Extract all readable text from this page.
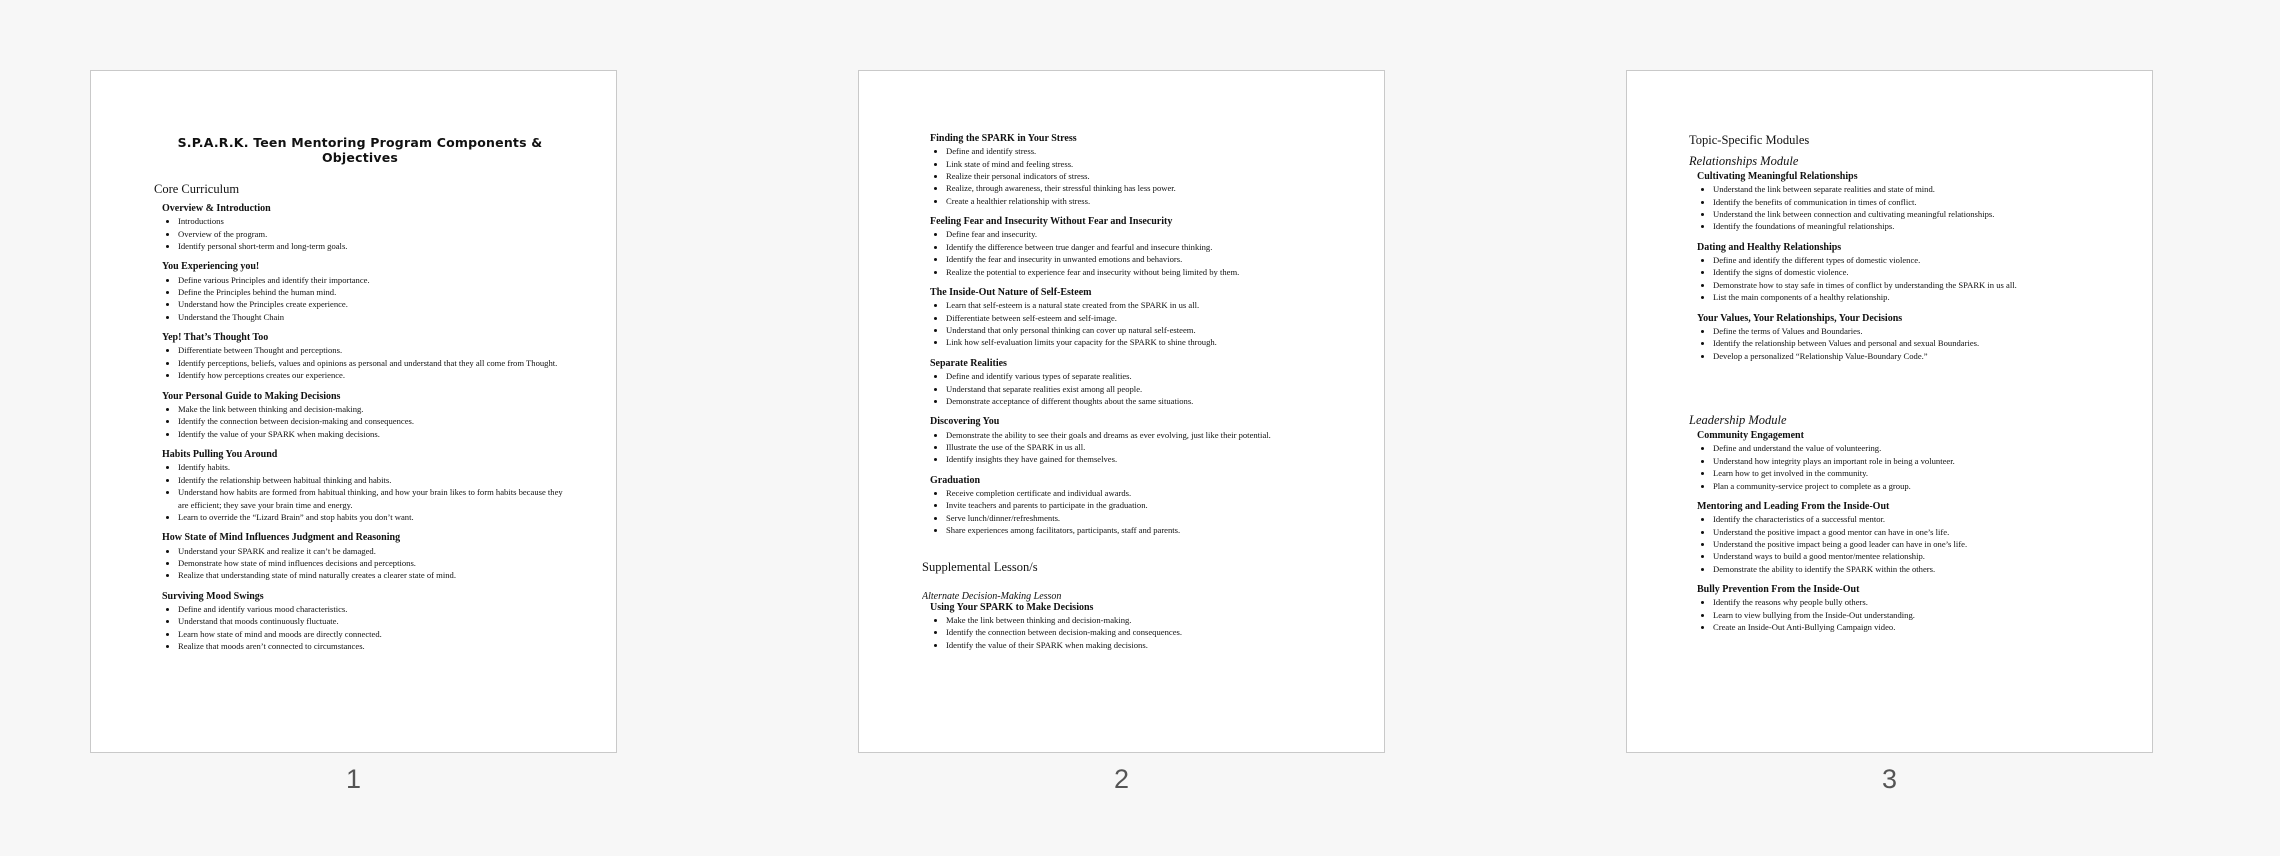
S.P.A.R.K. Teen Mentoring Program Components & Objectives
Core Curriculum
Overview & Introduction
• Introductions
• Overview of the program.
• Identify personal short-term and long-term goals.
You Experiencing you!
• Define various Principles and identify their importance.
• Define the Principles behind the human mind.
• Understand how the Principles create experience.
• Understand the Thought Chain
Yep! That’s Thought Too
• Differentiate between Thought and perceptions.
• Identify perceptions, beliefs, values and opinions as personal and understand that they all come from Thought.
• Identify how perceptions creates our experience.
Your Personal Guide to Making Decisions
• Make the link between thinking and decision-making.
• Identify the connection between decision-making and consequences.
• Identify the value of your SPARK when making decisions.
Habits Pulling You Around
• Identify habits.
• Identify the relationship between habitual thinking and habits.
• Understand how habits are formed from habitual thinking, and how your brain likes to form habits because they are efficient; they save your brain time and energy.
• Learn to override the “Lizard Brain” and stop habits you don’t want.
How State of Mind Influences Judgment and Reasoning
• Understand your SPARK and realize it can’t be damaged.
• Demonstrate how state of mind influences decisions and perceptions.
• Realize that understanding state of mind naturally creates a clearer state of mind.
Surviving Mood Swings
• Define and identify various mood characteristics.
• Understand that moods continuously fluctuate.
• Learn how state of mind and moods are directly connected.
• Realize that moods aren’t connected to circumstances.
1
Finding the SPARK in Your Stress
• Define and identify stress.
• Link state of mind and feeling stress.
• Realize their personal indicators of stress.
• Realize, through awareness, their stressful thinking has less power.
• Create a healthier relationship with stress.
Feeling Fear and Insecurity Without Fear and Insecurity
• Define fear and insecurity.
• Identify the difference between true danger and fearful and insecure thinking.
• Identify the fear and insecurity in unwanted emotions and behaviors.
• Realize the potential to experience fear and insecurity without being limited by them.
The Inside-Out Nature of Self-Esteem
• Learn that self-esteem is a natural state created from the SPARK in us all.
• Differentiate between self-esteem and self-image.
• Understand that only personal thinking can cover up natural self-esteem.
• Link how self-evaluation limits your capacity for the SPARK to shine through.
Separate Realities
• Define and identify various types of separate realities.
• Understand that separate realities exist among all people.
• Demonstrate acceptance of different thoughts about the same situations.
Discovering You
• Demonstrate the ability to see their goals and dreams as ever evolving, just like their potential.
• Illustrate the use of the SPARK in us all.
• Identify insights they have gained for themselves.
Graduation
• Receive completion certificate and individual awards.
• Invite teachers and parents to participate in the graduation.
• Serve lunch/dinner/refreshments.
• Share experiences among facilitators, participants, staff and parents.
Supplemental Lesson/s
Alternate Decision-Making Lesson
Using Your SPARK to Make Decisions
• Make the link between thinking and decision-making.
• Identify the connection between decision-making and consequences.
• Identify the value of their SPARK when making decisions.
2
Topic-Specific Modules
Relationships Module
Cultivating Meaningful Relationships
• Understand the link between separate realities and state of mind.
• Identify the benefits of communication in times of conflict.
• Understand the link between connection and cultivating meaningful relationships.
• Identify the foundations of meaningful relationships.
Dating and Healthy Relationships
• Define and identify the different types of domestic violence.
• Identify the signs of domestic violence.
• Demonstrate how to stay safe in times of conflict by understanding the SPARK in us all.
• List the main components of a healthy relationship.
Your Values, Your Relationships, Your Decisions
• Define the terms of Values and Boundaries.
• Identify the relationship between Values and personal and sexual Boundaries.
• Develop a personalized “Relationship Value-Boundary Code.”
Leadership Module
Community Engagement
• Define and understand the value of volunteering.
• Understand how integrity plays an important role in being a volunteer.
• Learn how to get involved in the community.
• Plan a community-service project to complete as a group.
Mentoring and Leading From the Inside-Out
• Identify the characteristics of a successful mentor.
• Understand the positive impact a good mentor can have in one’s life.
• Understand the positive impact being a good leader can have in one’s life.
• Understand ways to build a good mentor/mentee relationship.
• Demonstrate the ability to identify the SPARK within the others.
Bully Prevention From the Inside-Out
• Identify the reasons why people bully others.
• Learn to view bullying from the Inside-Out understanding.
• Create an Inside-Out Anti-Bullying Campaign video.
3
